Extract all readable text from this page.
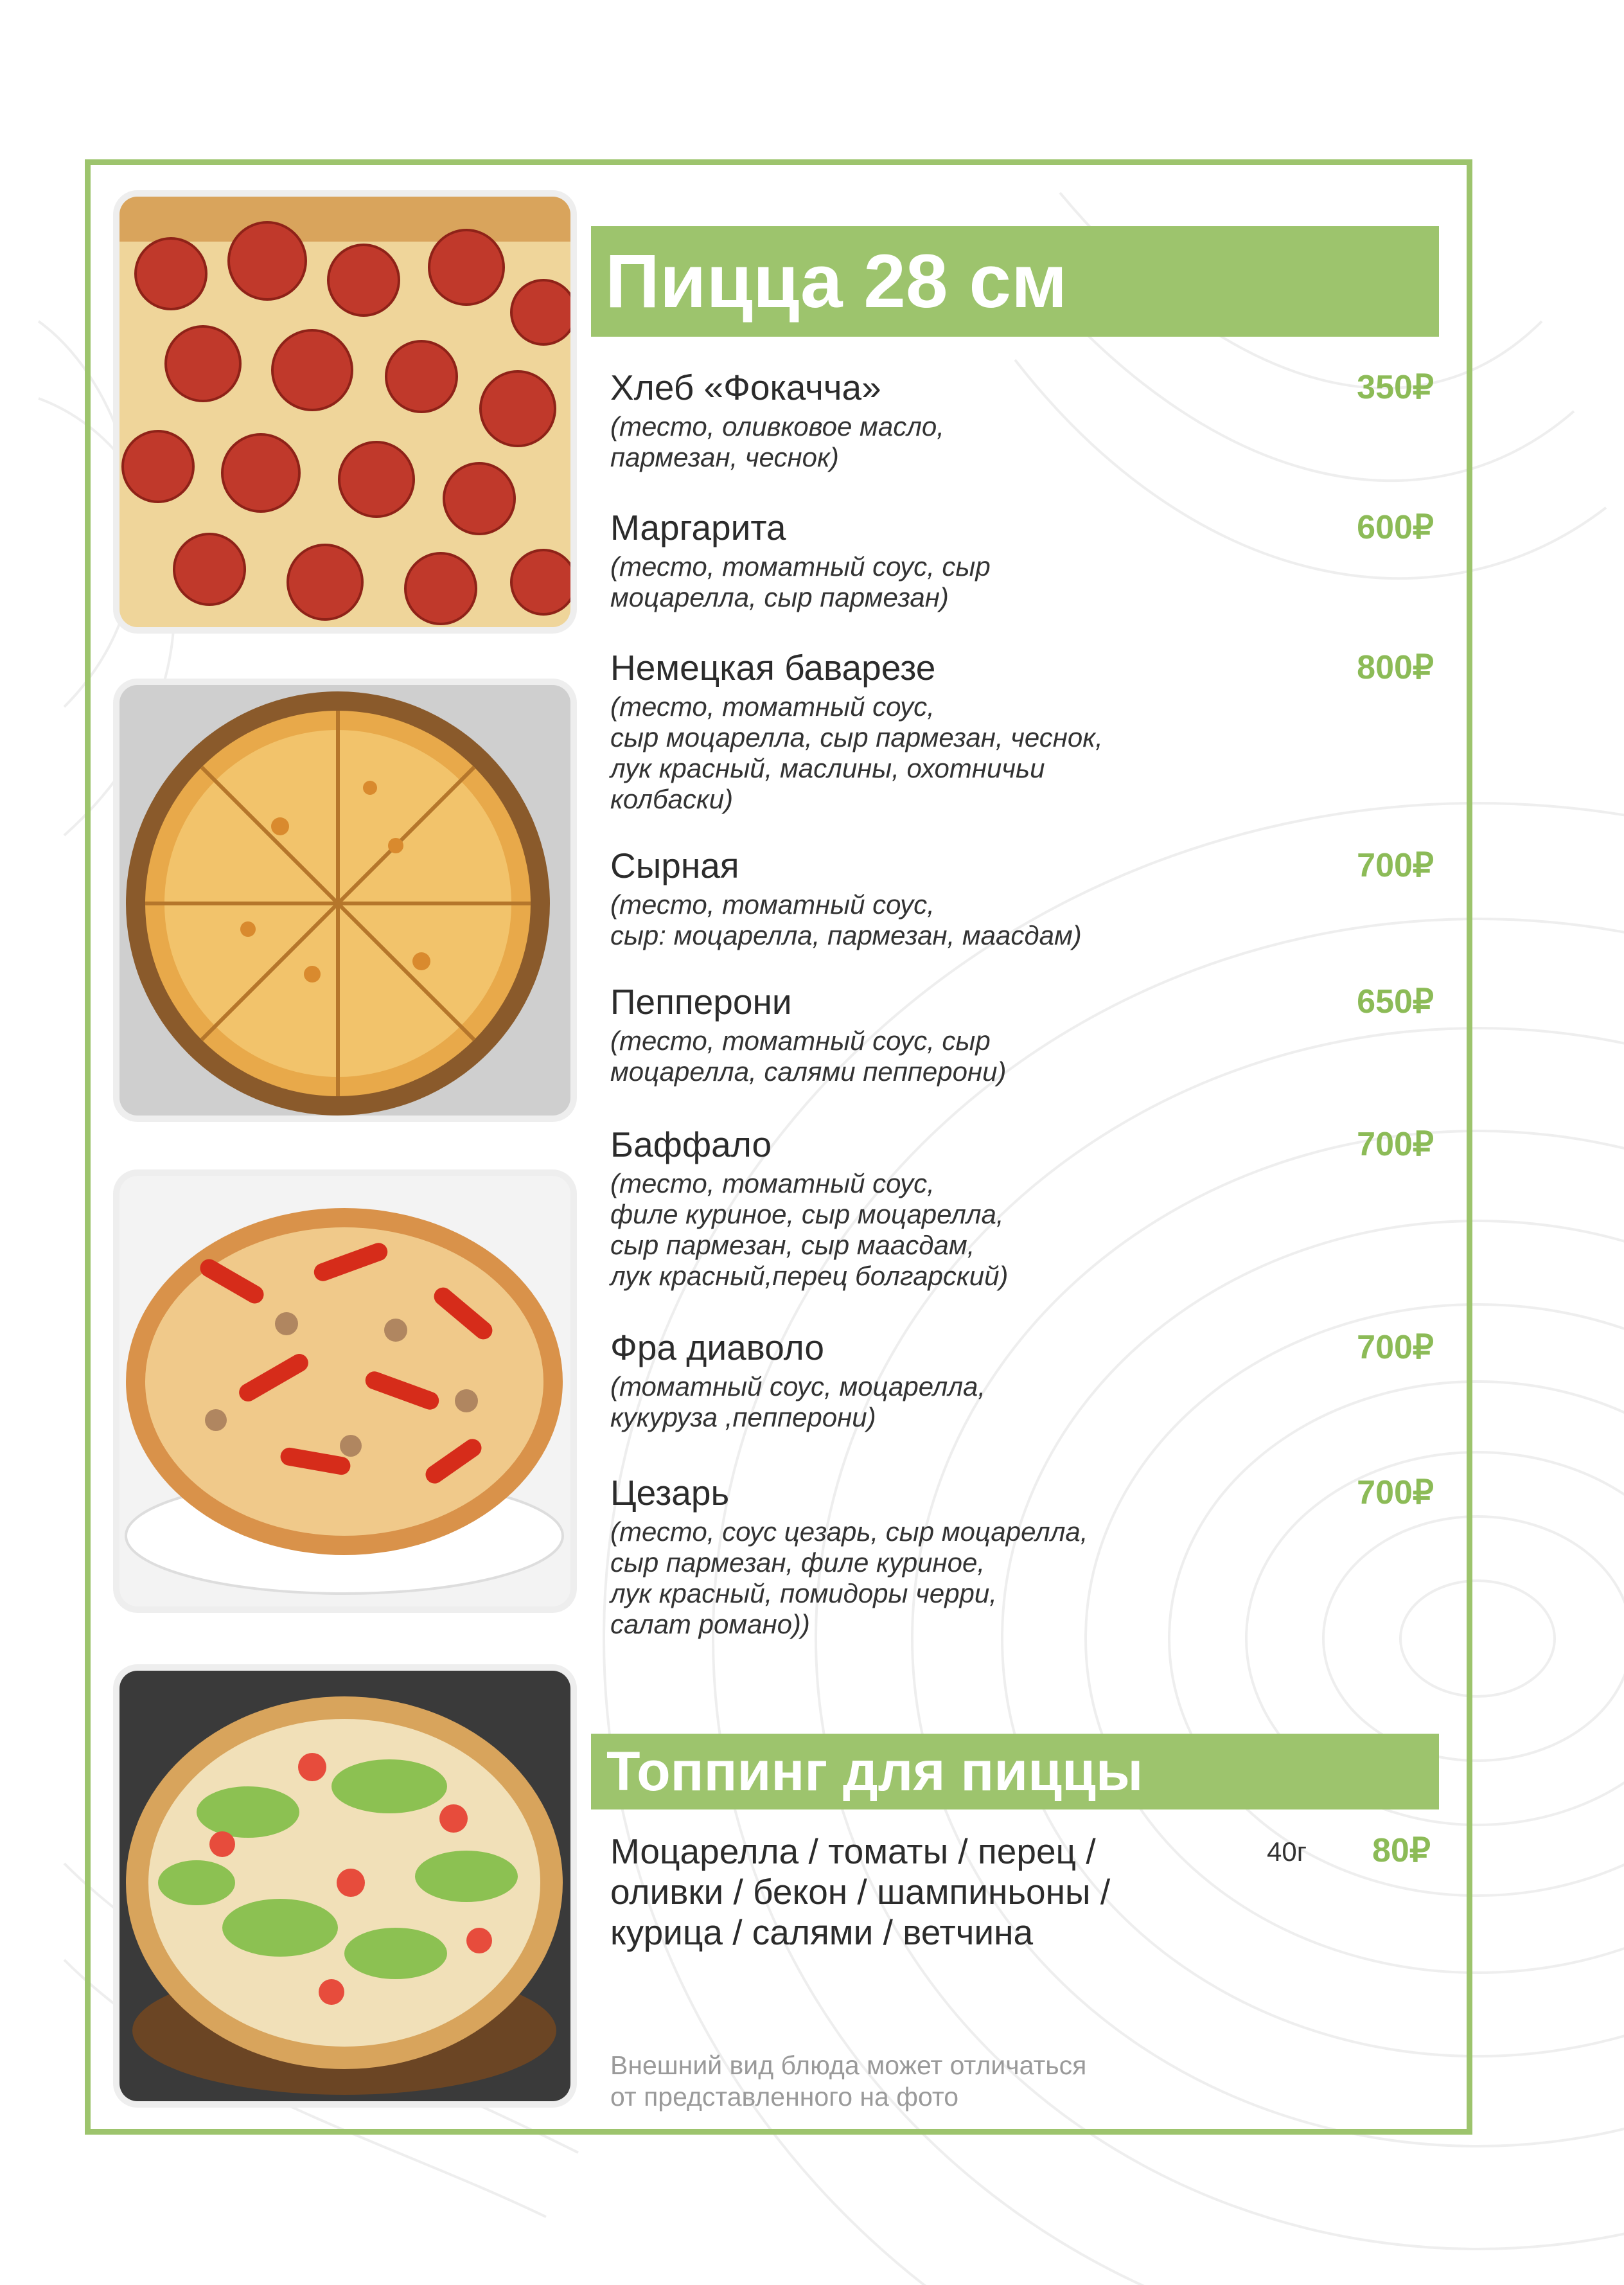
Пицца 28 см
Хлеб «Фокачча»	350₽
(тесто, оливковое масло,
пармезан, чеснок)
Маргарита	600₽
(тесто, томатный соус, сыр
моцарелла, сыр пармезан)
Немецкая баварезе	800₽
(тесто, томатный соус,
сыр моцарелла, сыр пармезан, чеснок,
лук красный, маслины, охотничьи
колбаски)
Сырная	700₽
(тесто, томатный соус,
сыр: моцарелла, пармезан, маасдам)
Пепперони	650₽
(тесто, томатный соус, сыр
моцарелла, салями пепперони)
Баффало	700₽
(тесто, томатный соус,
филе куриное, сыр моцарелла,
сыр пармезан, сыр маасдам,
лук красный,перец болгарский)
Фра диаволо	700₽
(томатный соус, моцарелла,
кукуруза ,пепперони)
Цезарь	700₽
(тесто, соус цезарь, сыр моцарелла,
сыр пармезан, филе куриное,
лук красный, помидоры черри,
салат романо))
Топпинг для пиццы
Моцарелла / томаты / перец /
оливки / бекон / шампиньоны /
курица / салями / ветчина
40г 80₽
Внешний вид блюда может отличаться
от представленного на фото
